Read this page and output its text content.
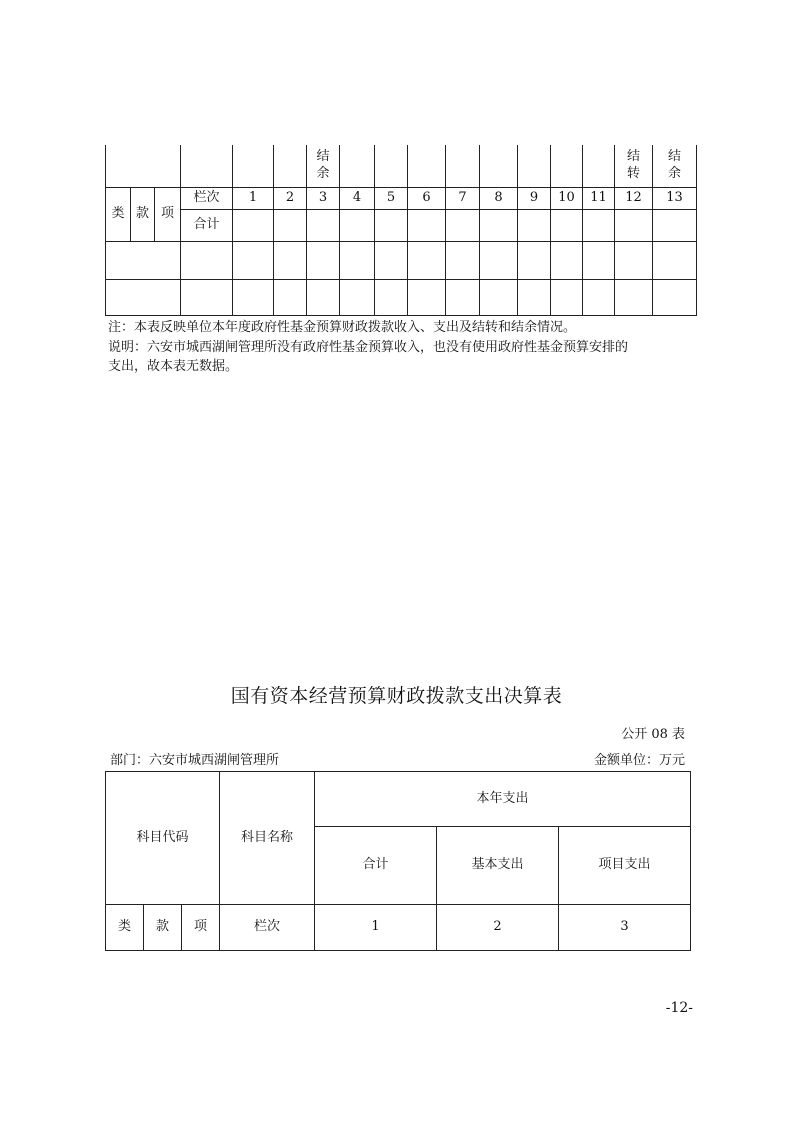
						结余									结转	结余
类	款	项	栏次	1	2	3	4	5	6	7	8	9	10	11	12	13
			合计													

注：本表反映单位本年度政府性基金预算财政拨款收入、支出及结转和结余情况。
说明：六安市城西湖闸管理所没有政府性基金预算收入，也没有使用政府性基金预算安排的
支出，故本表无数据。
国有资本经营预算财政拨款支出决算表
公开 08 表
部门：六安市城西湖闸管理所	金额单位：万元
科目代码			科目名称	本年支出		
				合计	基本支出	项目支出
类	款	项	栏次	1	2	3
-12-
